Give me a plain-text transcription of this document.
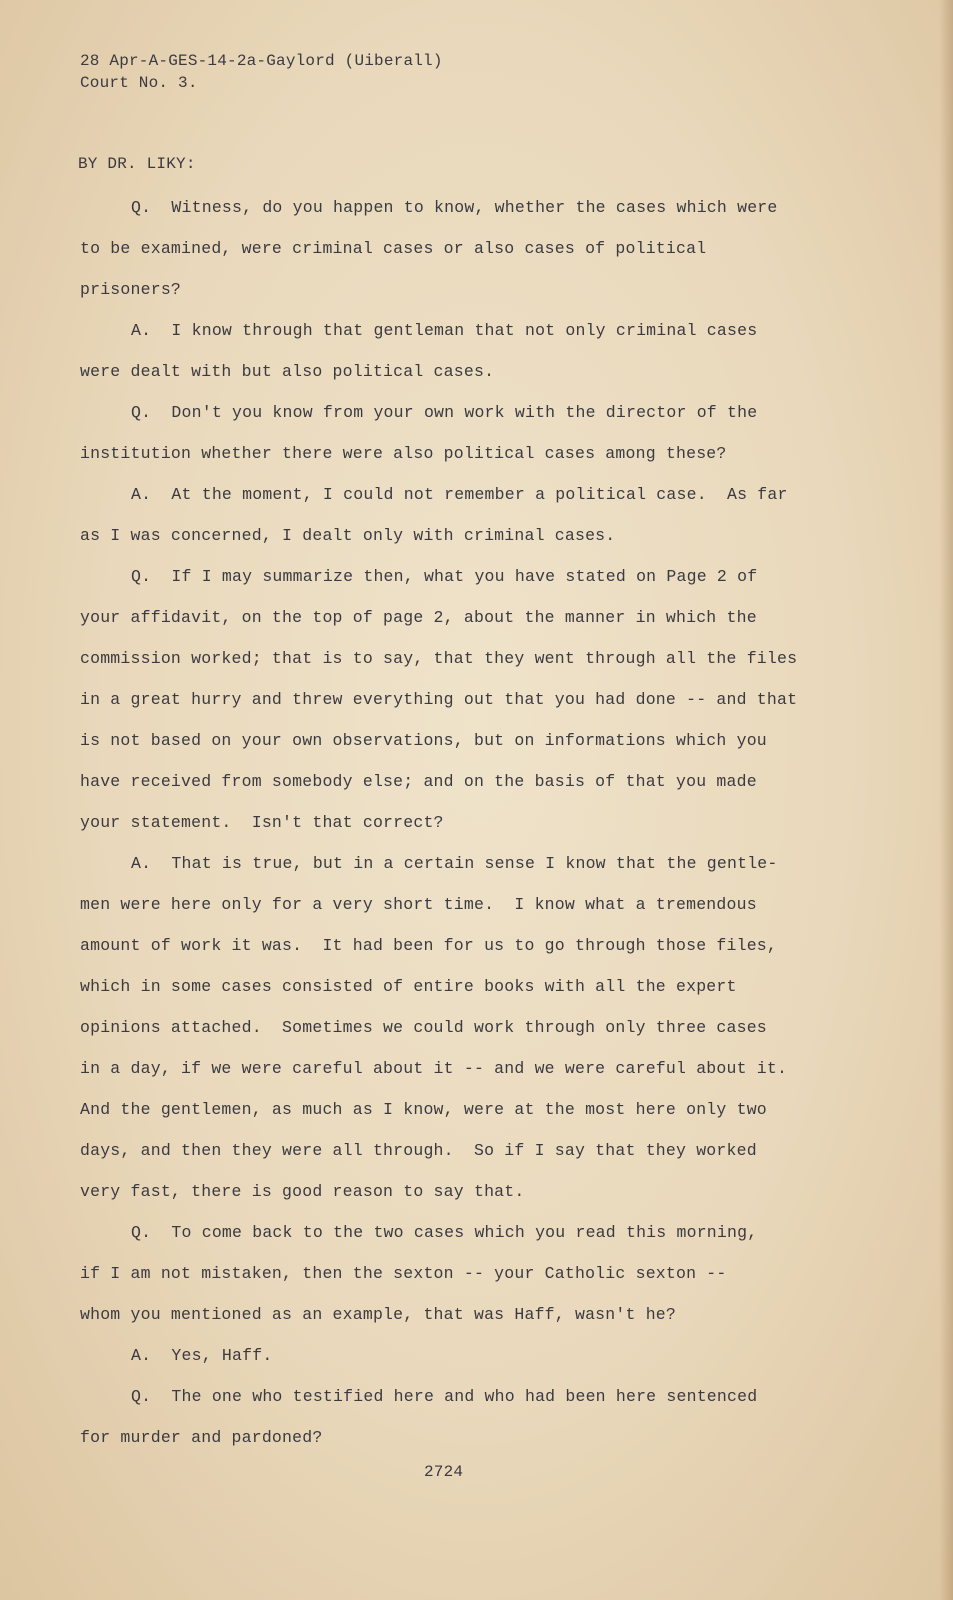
28 Apr-A-GES-14-2a-Gaylord (Uiberall)
Court No. 3.
BY DR. LIKY:
Q.  Witness, do you happen to know, whether the cases which were
to be examined, were criminal cases or also cases of political
prisoners?
A.  I know through that gentleman that not only criminal cases
were dealt with but also political cases.
Q.  Don't you know from your own work with the director of the
institution whether there were also political cases among these?
A.  At the moment, I could not remember a political case.  As far
as I was concerned, I dealt only with criminal cases.
Q.  If I may summarize then, what you have stated on Page 2 of
your affidavit, on the top of page 2, about the manner in which the
commission worked; that is to say, that they went through all the files
in a great hurry and threw everything out that you had done -- and that
is not based on your own observations, but on informations which you
have received from somebody else; and on the basis of that you made
your statement.  Isn't that correct?
A.  That is true, but in a certain sense I know that the gentle-
men were here only for a very short time.  I know what a tremendous
amount of work it was.  It had been for us to go through those files,
which in some cases consisted of entire books with all the expert
opinions attached.  Sometimes we could work through only three cases
in a day, if we were careful about it -- and we were careful about it.
And the gentlemen, as much as I know, were at the most here only two
days, and then they were all through.  So if I say that they worked
very fast, there is good reason to say that.
Q.  To come back to the two cases which you read this morning,
if I am not mistaken, then the sexton -- your Catholic sexton --
whom you mentioned as an example, that was Haff, wasn't he?
A.  Yes, Haff.
Q.  The one who testified here and who had been here sentenced
for murder and pardoned?
2724
